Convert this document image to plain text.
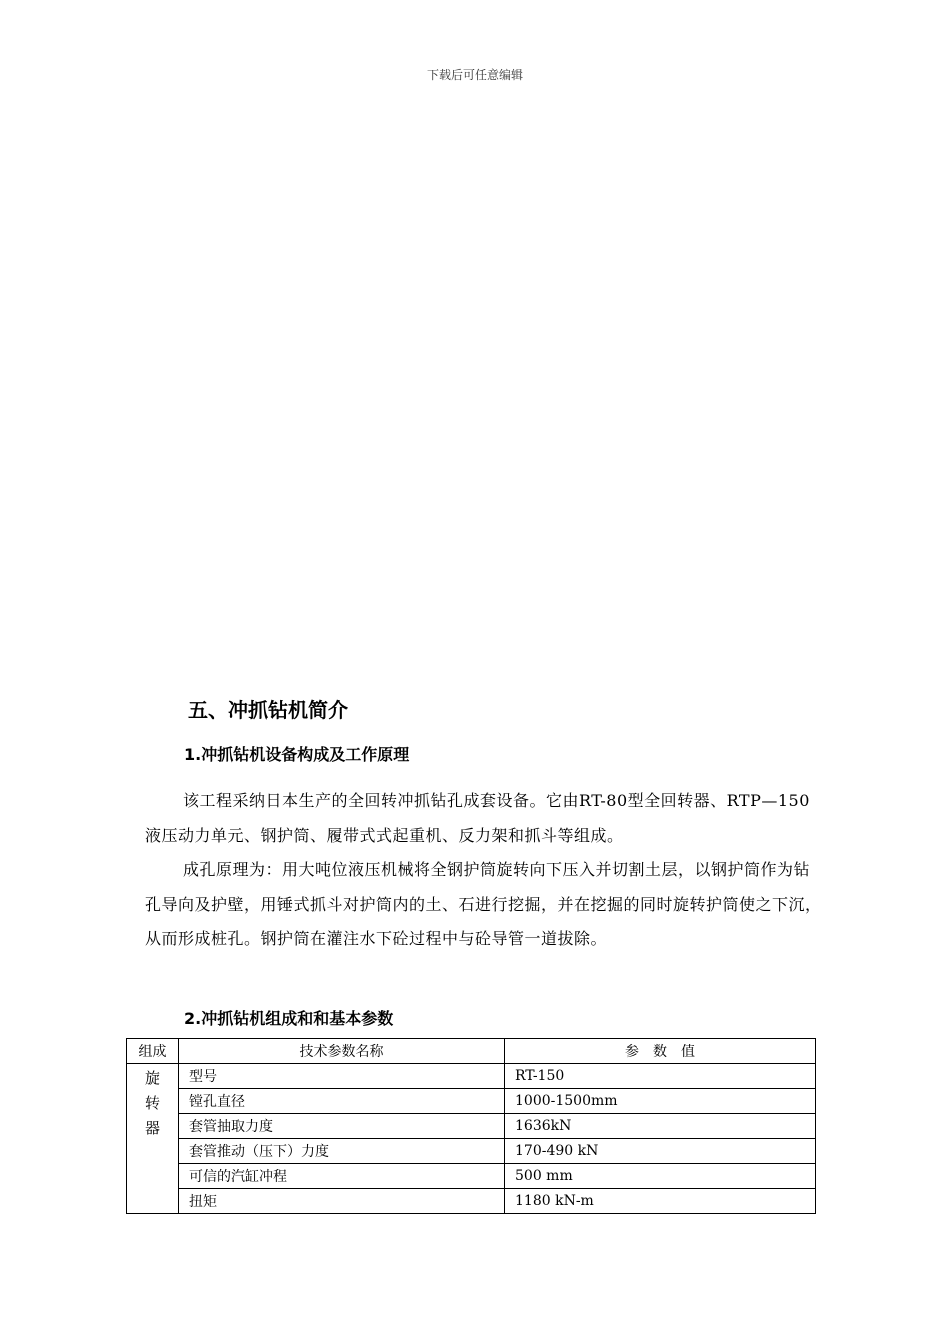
下载后可任意编辑
五、冲抓钻机简介
1.冲抓钻机设备构成及工作原理
该工程采纳日本生产的全回转冲抓钻孔成套设备。它由RT-80型全回转器、RTP—150液压动力单元、钢护筒、履带式式起重机、反力架和抓斗等组成。
成孔原理为：用大吨位液压机械将全钢护筒旋转向下压入并切割土层，以钢护筒作为钻孔导向及护壁，用锤式抓斗对护筒内的土、石进行挖掘，并在挖掘的同时旋转护筒使之下沉，从而形成桩孔。钢护筒在灌注水下砼过程中与砼导管一道拔除。
2.冲抓钻机组成和和基本参数
组成	技术参数名称	参　数　值

旋转器	型号	RT-150
	镗孔直径	1000-1500mm
	套管抽取力度	1636kN
	套管推动（压下）力度	170-490 kN
	可信的汽缸冲程	500 mm
	扭矩	1180 kN-m
